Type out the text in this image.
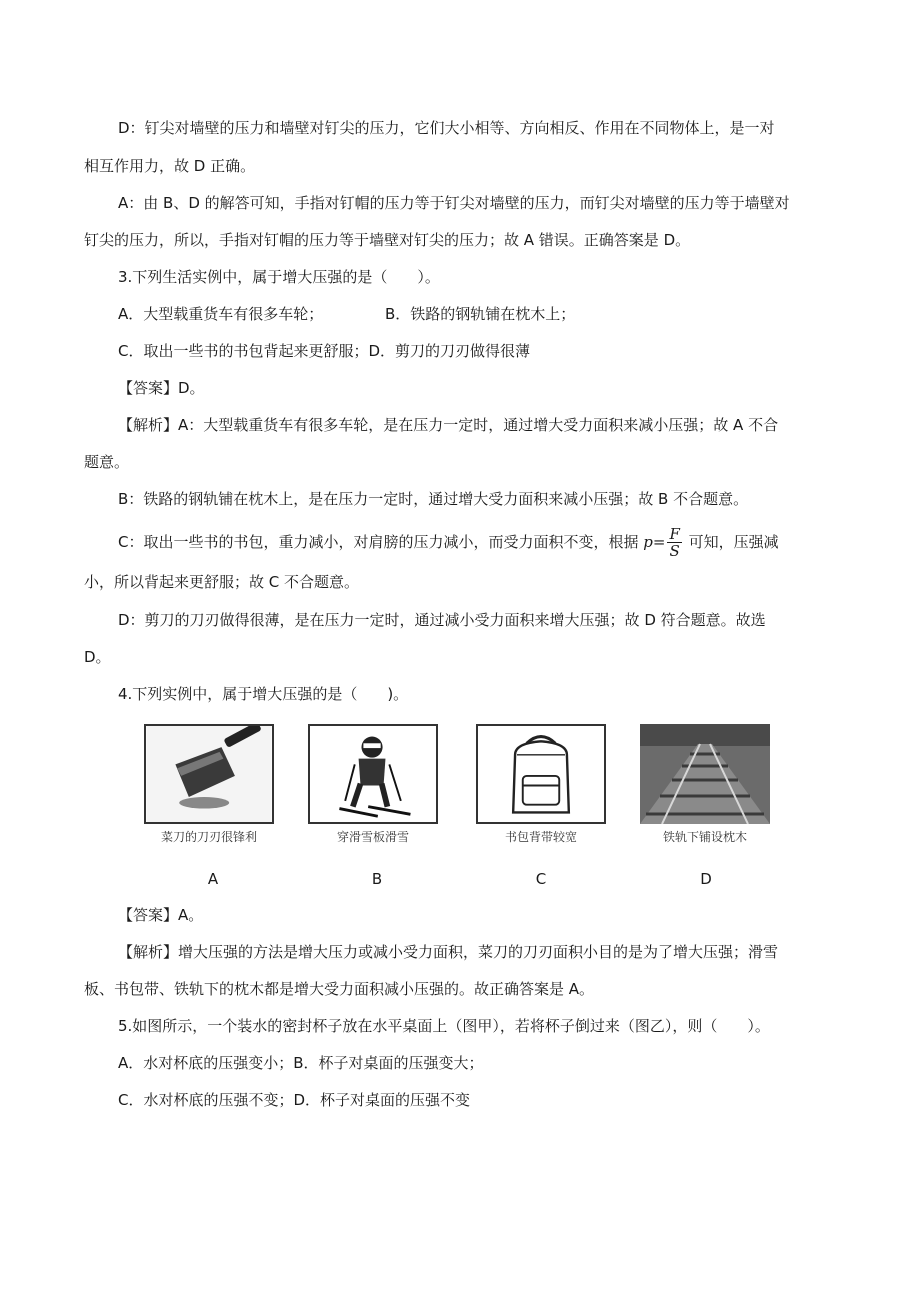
D：钉尖对墙壁的压力和墙壁对钉尖的压力，它们大小相等、方向相反、作用在不同物体上，是一对
相互作用力，故 D 正确。
A：由 B、D 的解答可知，手指对钉帽的压力等于钉尖对墙壁的压力，而钉尖对墙壁的压力等于墙壁对
钉尖的压力，所以，手指对钉帽的压力等于墙壁对钉尖的压力；故 A 错误。正确答案是 D。
3.下列生活实例中，属于增大压强的是（　　）。
A．大型载重货车有很多车轮；	B．铁路的钢轨铺在枕木上；
C．取出一些书的书包背起来更舒服；D．剪刀的刀刃做得很薄
【答案】D。
【解析】A：大型载重货车有很多车轮，是在压力一定时，通过增大受力面积来减小压强；故 A 不合
题意。
B：铁路的钢轨铺在枕木上，是在压力一定时，通过增大受力面积来减小压强；故 B 不合题意。
C：取出一些书的书包，重力减小，对肩膀的压力减小，而受力面积不变，根据 $p= \frac{F}{S}$ 可知，压强减
小，所以背起来更舒服；故 C 不合题意。
D：剪刀的刀刃做得很薄，是在压力一定时，通过减小受力面积来增大压强；故 D 符合题意。故选
D。
4.下列实例中，属于增大压强的是（　　)。
菜刀的刀刃很锋利	穿滑雪板滑雪	书包背带较宽	铁轨下铺设枕木
A	B	C	D
【答案】A。
【解析】增大压强的方法是增大压力或减小受力面积，菜刀的刀刃面积小目的是为了增大压强；滑雪
板、书包带、铁轨下的枕木都是增大受力面积减小压强的。故正确答案是 A。
5.如图所示，一个装水的密封杯子放在水平桌面上（图甲），若将杯子倒过来（图乙），则（　　）。
A．水对杯底的压强变小；B．杯子对桌面的压强变大；
C．水对杯底的压强不变；D．杯子对桌面的压强不变
